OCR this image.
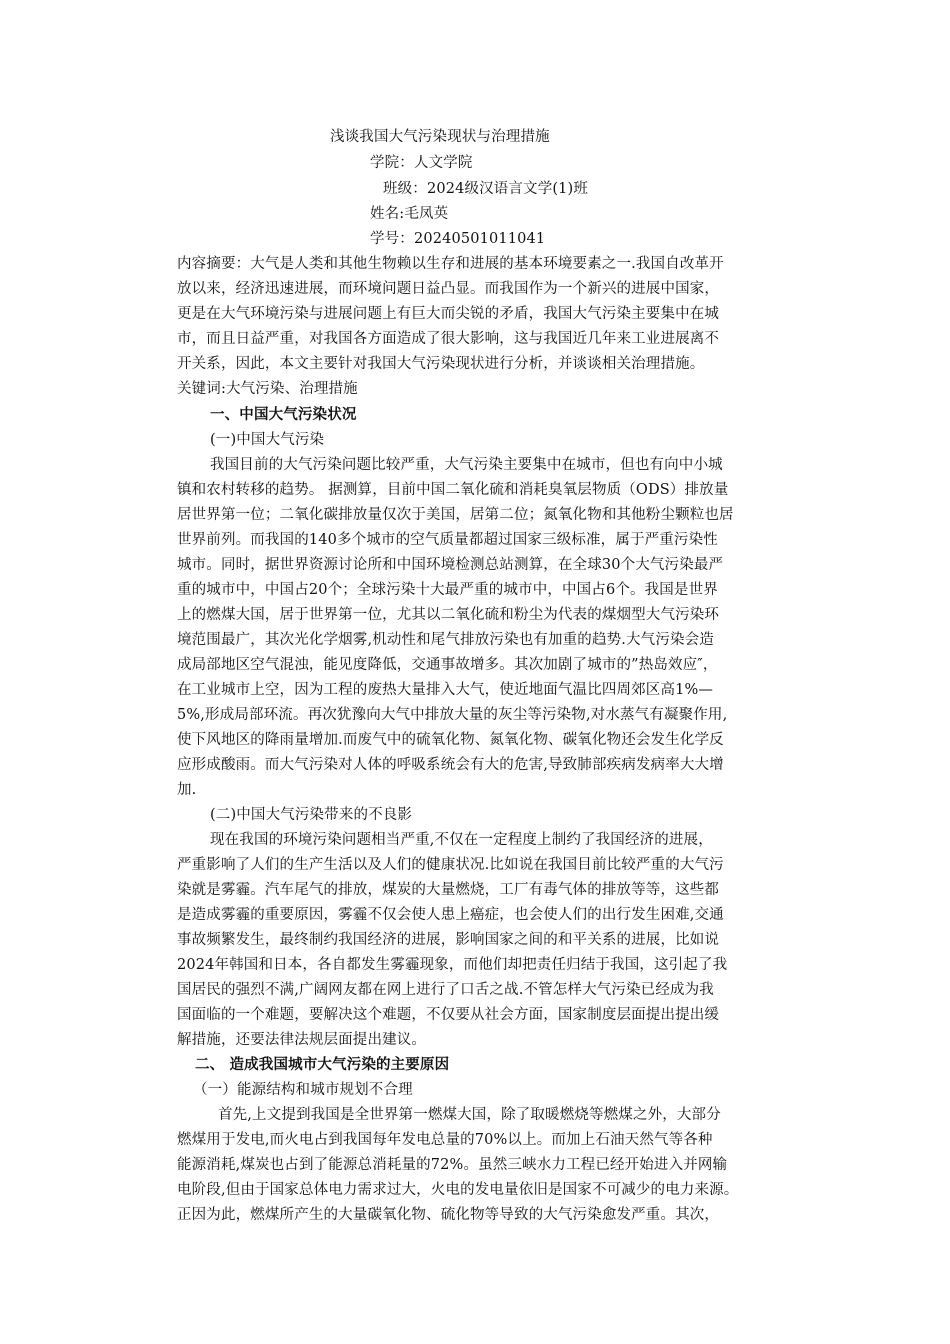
浅谈我国大气污染现状与治理措施
学院：人文学院
班级：2024级汉语言文学(1)班
姓名:毛凤英
学号：20240501011041
内容摘要：大气是人类和其他生物赖以生存和进展的基本环境要素之一.我国自改革开
放以来，经济迅速进展，而环境问题日益凸显。而我国作为一个新兴的进展中国家，
更是在大气环境污染与进展问题上有巨大而尖锐的矛盾，我国大气污染主要集中在城
市，而且日益严重，对我国各方面造成了很大影响，这与我国近几年来工业进展离不
开关系，因此，本文主要针对我国大气污染现状进行分析，并谈谈相关治理措施。
关键词:大气污染、治理措施
一、中国大气污染状况
(一)中国大气污染
我国目前的大气污染问题比较严重，大气污染主要集中在城市，但也有向中小城
镇和农村转移的趋势。 据测算，目前中国二氧化硫和消耗臭氧层物质（ODS）排放量
居世界第一位；二氧化碳排放量仅次于美国，居第二位；氮氧化物和其他粉尘颗粒也居
世界前列。而我国的140多个城市的空气质量都超过国家三级标准，属于严重污染性
城市。同时，据世界资源讨论所和中国环境检测总站测算，在全球30个大气污染最严
重的城市中，中国占20个；全球污染十大最严重的城市中，中国占6个。我国是世界
上的燃煤大国，居于世界第一位，尤其以二氧化硫和粉尘为代表的煤烟型大气污染环
境范围最广，其次光化学烟雾,机动性和尾气排放污染也有加重的趋势.大气污染会造
成局部地区空气混浊，能见度降低，交通事故增多。其次加剧了城市的”热岛效应″，
在工业城市上空，因为工程的废热大量排入大气，使近地面气温比四周郊区高1%—
5%,形成局部环流。再次犹豫向大气中排放大量的灰尘等污染物,对水蒸气有凝聚作用,
使下风地区的降雨量增加.而废气中的硫氧化物、氮氧化物、碳氧化物还会发生化学反
应形成酸雨。而大气污染对人体的呼吸系统会有大的危害,导致肺部疾病发病率大大增
加.
(二)中国大气污染带来的不良影
现在我国的环境污染问题相当严重,不仅在一定程度上制约了我国经济的进展，
严重影响了人们的生产生活以及人们的健康状况.比如说在我国目前比较严重的大气污
染就是雾霾。汽车尾气的排放，煤炭的大量燃烧，工厂有毒气体的排放等等，这些都
是造成雾霾的重要原因，雾霾不仅会使人患上癌症，也会使人们的出行发生困难,交通
事故频繁发生，最终制约我国经济的进展，影响国家之间的和平关系的进展，比如说
2024年韩国和日本，各自都发生雾霾现象，而他们却把责任归结于我国，这引起了我
国居民的强烈不满,广阔网友都在网上进行了口舌之战.不管怎样大气污染已经成为我
国面临的一个难题，要解决这个难题，不仅要从社会方面，国家制度层面提出提出缓
解措施，还要法律法规层面提出建议。
二、 造成我国城市大气污染的主要原因
（一）能源结构和城市规划不合理
首先,上文提到我国是全世界第一燃煤大国，除了取暖燃烧等燃煤之外，大部分
燃煤用于发电,而火电占到我国每年发电总量的70%以上。而加上石油天然气等各种
能源消耗,煤炭也占到了能源总消耗量的72%。虽然三峡水力工程已经开始进入并网输
电阶段,但由于国家总体电力需求过大，火电的发电量依旧是国家不可减少的电力来源。
正因为此，燃煤所产生的大量碳氧化物、硫化物等导致的大气污染愈发严重。其次，
